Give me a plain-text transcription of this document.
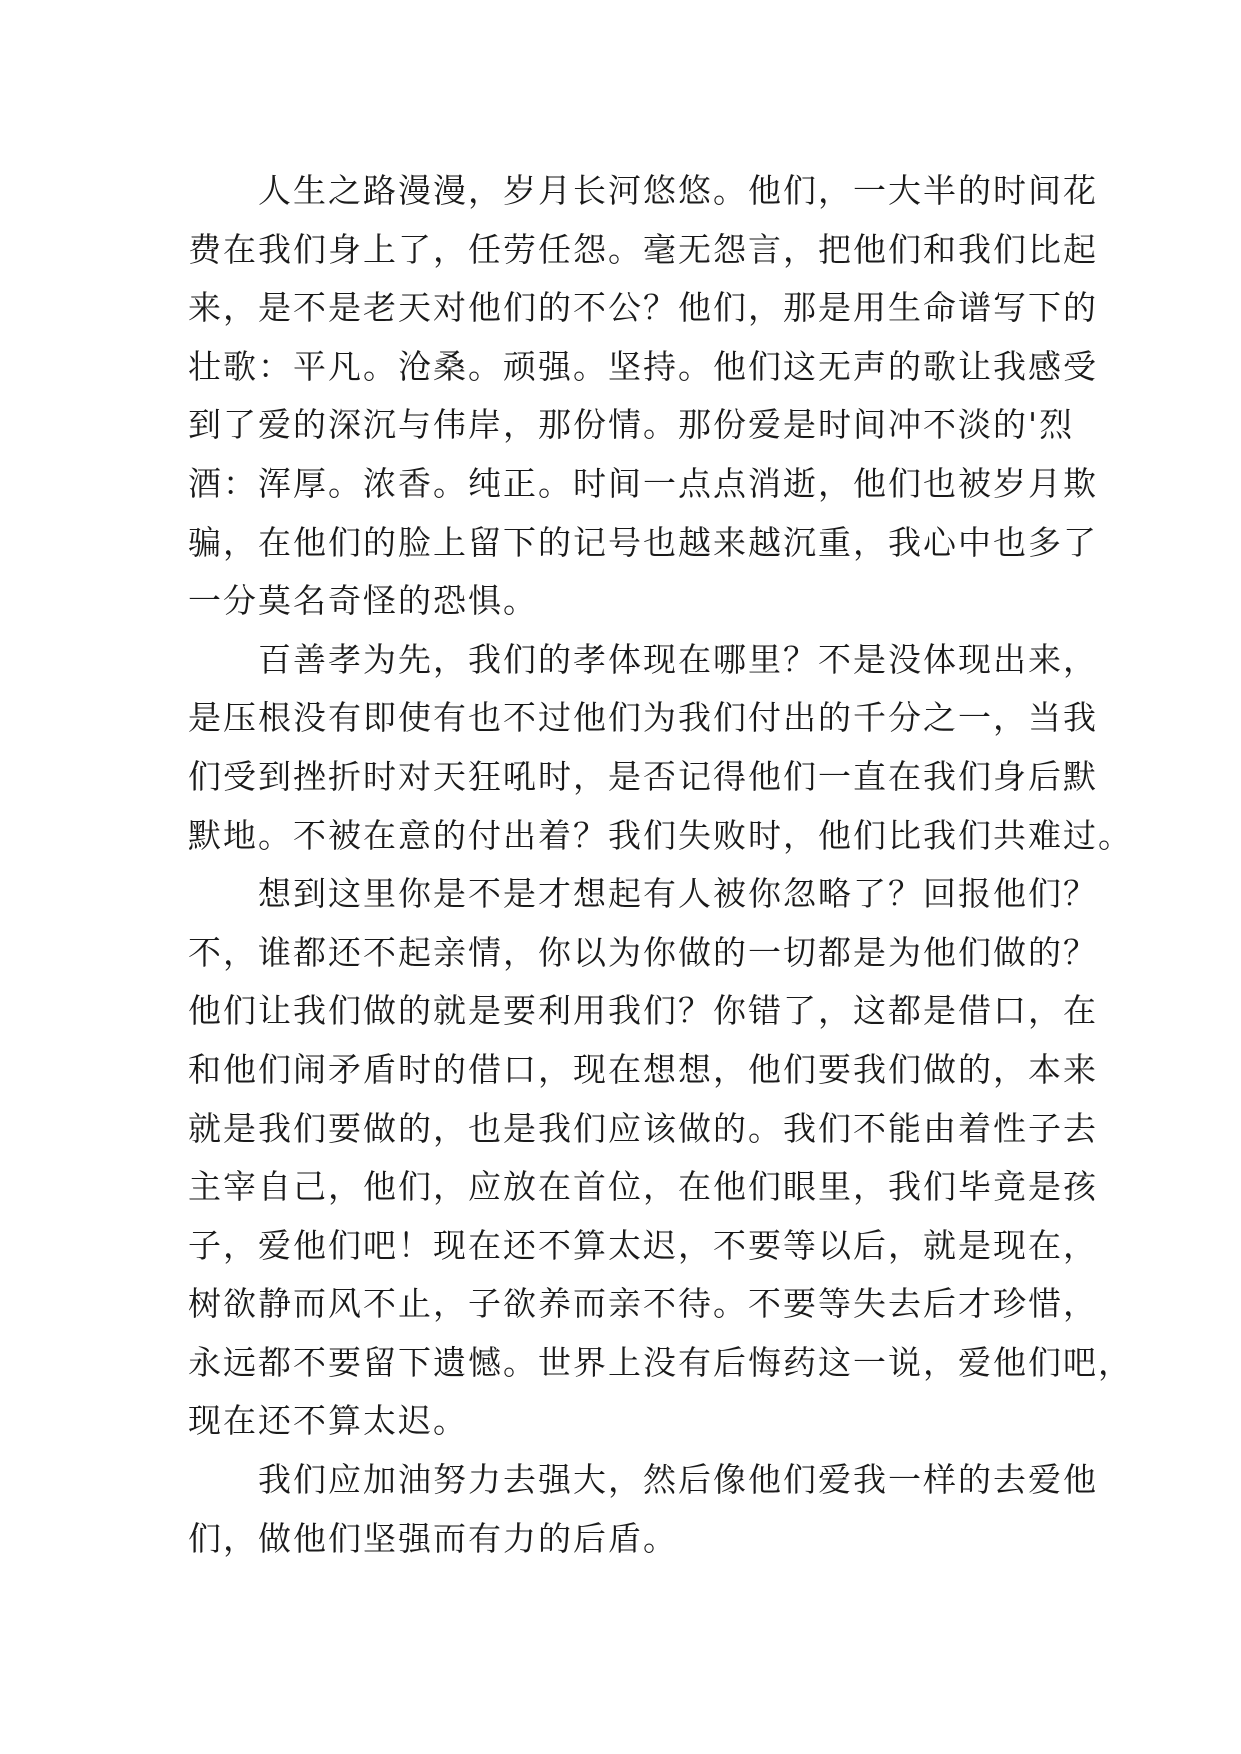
　　人生之路漫漫，岁月长河悠悠。他们，一大半的时间花
费在我们身上了，任劳任怨。毫无怨言，把他们和我们比起
来，是不是老天对他们的不公？他们，那是用生命谱写下的
壮歌：平凡。沧桑。顽强。坚持。他们这无声的歌让我感受
到了爱的深沉与伟岸，那份情。那份爱是时间冲不淡的'烈
酒：浑厚。浓香。纯正。时间一点点消逝，他们也被岁月欺
骗，在他们的脸上留下的记号也越来越沉重，我心中也多了
一分莫名奇怪的恐惧。
　　百善孝为先，我们的孝体现在哪里？不是没体现出来，
是压根没有即使有也不过他们为我们付出的千分之一，当我
们受到挫折时对天狂吼时，是否记得他们一直在我们身后默
默地。不被在意的付出着？我们失败时，他们比我们共难过。
　　想到这里你是不是才想起有人被你忽略了？回报他们？
不，谁都还不起亲情，你以为你做的一切都是为他们做的？
他们让我们做的就是要利用我们？你错了，这都是借口，在
和他们闹矛盾时的借口，现在想想，他们要我们做的，本来
就是我们要做的，也是我们应该做的。我们不能由着性子去
主宰自己，他们，应放在首位，在他们眼里，我们毕竟是孩
子，爱他们吧！现在还不算太迟，不要等以后，就是现在，
树欲静而风不止，子欲养而亲不待。不要等失去后才珍惜，
永远都不要留下遗憾。世界上没有后悔药这一说，爱他们吧，
现在还不算太迟。
　　我们应加油努力去强大，然后像他们爱我一样的去爱他
们，做他们坚强而有力的后盾。
